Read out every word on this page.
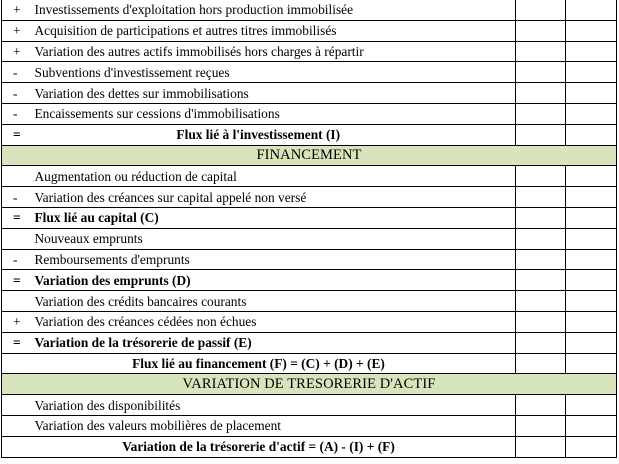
+	Investissements d'exploitation hors production immobilisée		
+	Acquisition de participations et autres titres immobilisés		
+	Variation des autres actifs immobilisés hors charges à répartir		
-	Subventions d'investissement reçues		
-	Variation des dettes sur immobilisations		
-	Encaissements sur cessions d'immobilisations		
=	Flux lié à l'investissement (I)		
FINANCEMENT			
	Augmentation ou réduction de capital		
-	Variation des créances sur capital appelé non versé		
=	Flux lié au capital (C)		
	Nouveaux emprunts		
-	Remboursements d'emprunts		
=	Variation des emprunts (D)		
	Variation des crédits bancaires courants		
+	Variation des créances cédées non échues		
=	Variation de la trésorerie de passif (E)		
Flux lié au financement (F) = (C) + (D) + (E)			
VARIATION DE TRESORERIE D'ACTIF			
	Variation des disponibilités		
	Variation des valeurs mobilières de placement		
Variation de la trésorerie d'actif = (A) - (I) + (F)			
